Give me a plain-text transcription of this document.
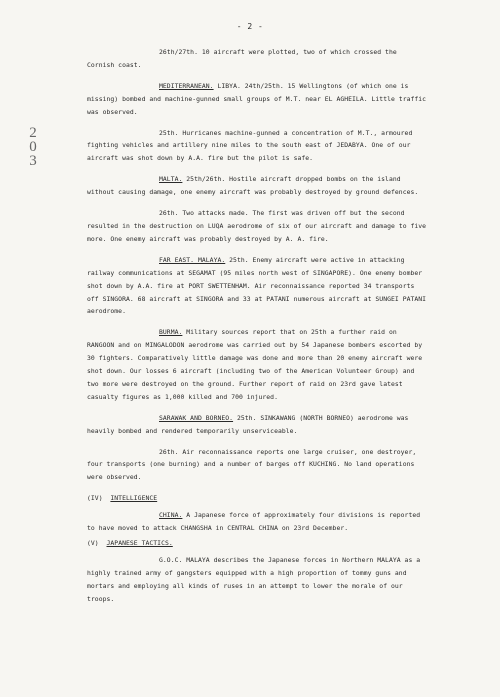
- 2 -
2
0
3

26th/27th. 10 aircraft were plotted, two of which crossed the Cornish coast.

MEDITERRANEAN. LIBYA. 24th/25th. 15 Wellingtons (of which one is missing) bombed and machine-gunned small groups of M.T. near EL AGHEILA. Little traffic was observed.

25th. Hurricanes machine-gunned a concentration of M.T., armoured fighting vehicles and artillery nine miles to the south east of JEDABYA. One of our aircraft was shot down by A.A. fire but the pilot is safe.

MALTA. 25th/26th. Hostile aircraft dropped bombs on the island without causing damage, one enemy aircraft was probably destroyed by ground defences.

26th. Two attacks made. The first was driven off but the second resulted in the destruction on LUQA aerodrome of six of our aircraft and damage to five more. One enemy aircraft was probably destroyed by A. A. fire.

FAR EAST. MALAYA. 25th. Enemy aircraft were active in attacking railway communications at SEGAMAT (95 miles north west of SINGAPORE). One enemy bomber shot down by A.A. fire at PORT SWETTENHAM. Air reconnaissance reported 34 transports off SINGORA. 68 aircraft at SINGORA and 33 at PATANI numerous aircraft at SUNGEI PATANI aerodrome.

BURMA. Military sources report that on 25th a further raid on RANGOON and on MINGALODON aerodrome was carried out by 54 Japanese bombers escorted by 30 fighters. Comparatively little damage was done and more than 20 enemy aircraft were shot down. Our losses 6 aircraft (including two of the American Volunteer Group) and two more were destroyed on the ground. Further report of raid on 23rd gave latest casualty figures as 1,000 killed and 700 injured.

SARAWAK AND BORNEO. 25th. SINKAWANG (NORTH BORNEO) aerodrome was heavily bombed and rendered temporarily unserviceable.

26th. Air reconnaissance reports one large cruiser, one destroyer, four transports (one burning) and a number of barges off KUCHING. No land operations were observed.

(IV) INTELLIGENCE

CHINA. A Japanese force of approximately four divisions is reported to have moved to attack CHANGSHA in CENTRAL CHINA on 23rd December.

(V) JAPANESE TACTICS.

G.O.C. MALAYA describes the Japanese forces in Northern MALAYA as a highly trained army of gangsters equipped with a high proportion of tommy guns and mortars and employing all kinds of ruses in an attempt to lower the morale of our troops.
